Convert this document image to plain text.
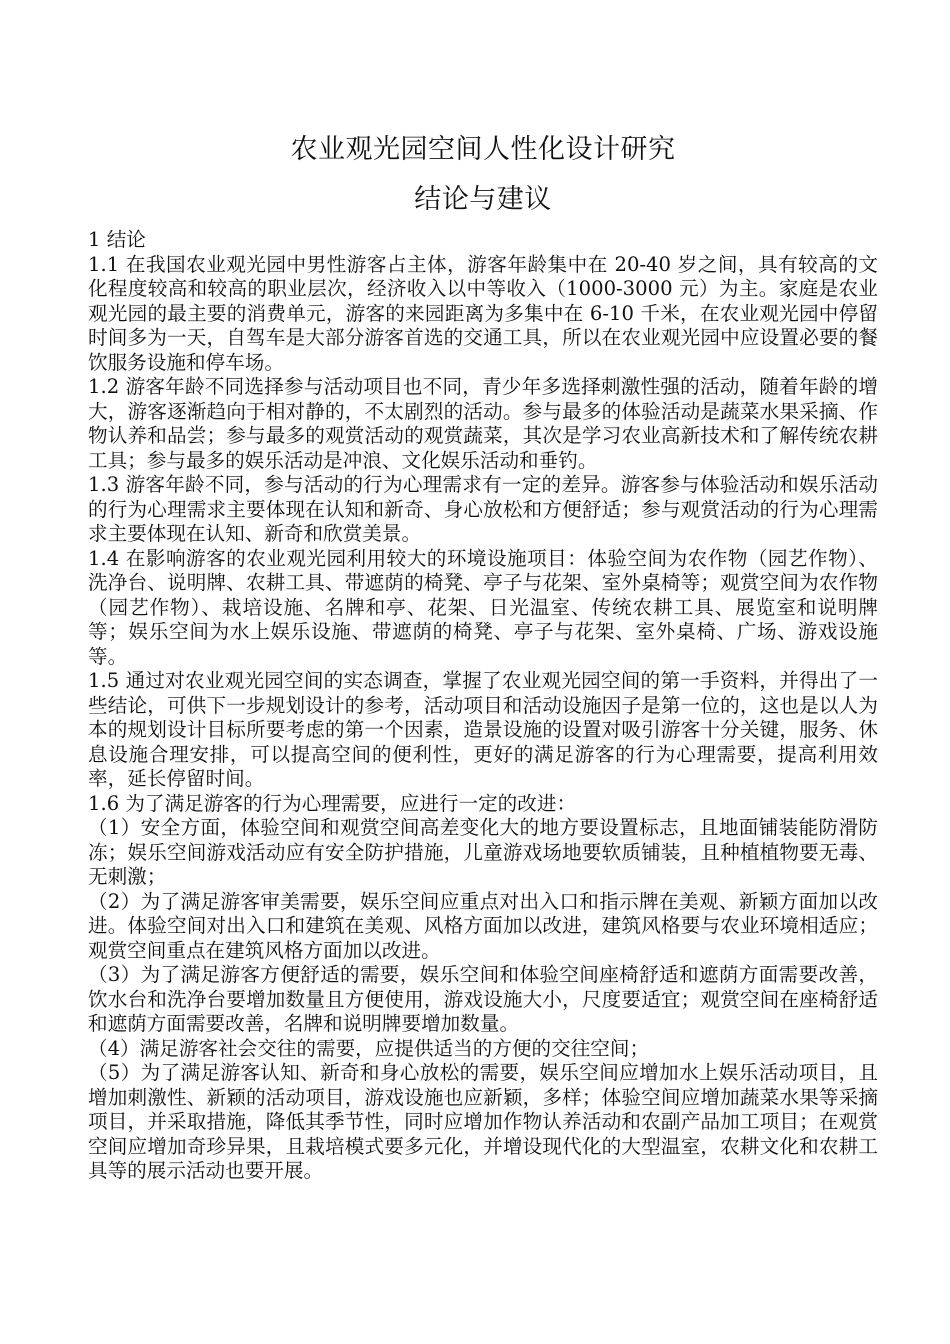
农业观光园空间人性化设计研究
结论与建议

1 结论

1.1 在我国农业观光园中男性游客占主体，游客年龄集中在 20-40 岁之间，具有较高的文化程度较高和较高的职业层次，经济收入以中等收入（1000-3000 元）为主。家庭是农业观光园的最主要的消费单元，游客的来园距离为多集中在 6-10 千米，在农业观光园中停留时间多为一天，自驾车是大部分游客首选的交通工具，所以在农业观光园中应设置必要的餐饮服务设施和停车场。

1.2 游客年龄不同选择参与活动项目也不同，青少年多选择刺激性强的活动，随着年龄的增大，游客逐渐趋向于相对静的，不太剧烈的活动。参与最多的体验活动是蔬菜水果采摘、作物认养和品尝；参与最多的观赏活动的观赏蔬菜，其次是学习农业高新技术和了解传统农耕工具；参与最多的娱乐活动是冲浪、文化娱乐活动和垂钓。

1.3 游客年龄不同，参与活动的行为心理需求有一定的差异。游客参与体验活动和娱乐活动的行为心理需求主要体现在认知和新奇、身心放松和方便舒适；参与观赏活动的行为心理需求主要体现在认知、新奇和欣赏美景。

1.4 在影响游客的农业观光园利用较大的环境设施项目：体验空间为农作物（园艺作物）、洗净台、说明牌、农耕工具、带遮荫的椅凳、亭子与花架、室外桌椅等；观赏空间为农作物（园艺作物）、栽培设施、名牌和亭、花架、日光温室、传统农耕工具、展览室和说明牌等；娱乐空间为水上娱乐设施、带遮荫的椅凳、亭子与花架、室外桌椅、广场、游戏设施等。

1.5 通过对农业观光园空间的实态调查，掌握了农业观光园空间的第一手资料，并得出了一些结论，可供下一步规划设计的参考，活动项目和活动设施因子是第一位的，这也是以人为本的规划设计目标所要考虑的第一个因素，造景设施的设置对吸引游客十分关键，服务、休息设施合理安排，可以提高空间的便利性，更好的满足游客的行为心理需要，提高利用效率，延长停留时间。

1.6 为了满足游客的行为心理需要，应进行一定的改进：

（1）安全方面，体验空间和观赏空间高差变化大的地方要设置标志，且地面铺装能防滑防冻；娱乐空间游戏活动应有安全防护措施，儿童游戏场地要软质铺装，且种植植物要无毒、无刺激；

（2）为了满足游客审美需要，娱乐空间应重点对出入口和指示牌在美观、新颖方面加以改进。体验空间对出入口和建筑在美观、风格方面加以改进，建筑风格要与农业环境相适应；观赏空间重点在建筑风格方面加以改进。

（3）为了满足游客方便舒适的需要，娱乐空间和体验空间座椅舒适和遮荫方面需要改善，饮水台和洗净台要增加数量且方便使用，游戏设施大小，尺度要适宜；观赏空间在座椅舒适和遮荫方面需要改善，名牌和说明牌要增加数量。

（4）满足游客社会交往的需要，应提供适当的方便的交往空间；

（5）为了满足游客认知、新奇和身心放松的需要，娱乐空间应增加水上娱乐活动项目，且增加刺激性、新颖的活动项目，游戏设施也应新颖，多样；体验空间应增加蔬菜水果等采摘项目，并采取措施，降低其季节性，同时应增加作物认养活动和农副产品加工项目；在观赏空间应增加奇珍异果，且栽培模式要多元化，并增设现代化的大型温室，农耕文化和农耕工具等的展示活动也要开展。
